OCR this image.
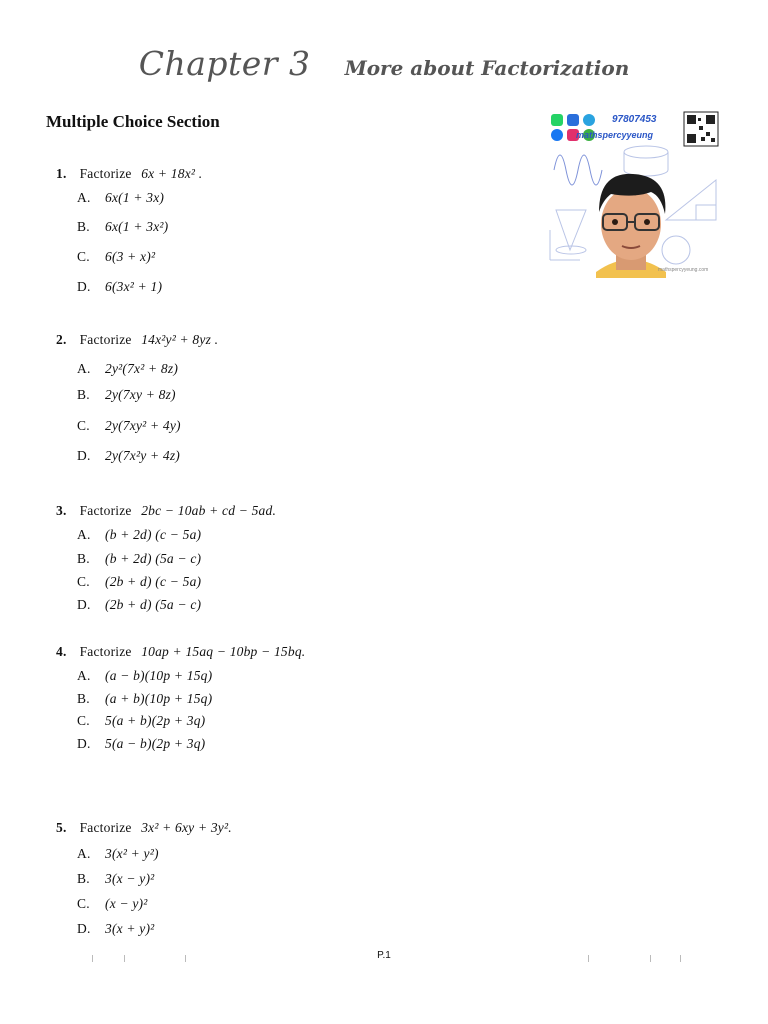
Chapter 3 More about Factorization
Multiple Choice Section	97807453
mathspercyyeung
mathspercyyeung.com
1. Factorize 6x + 18x² .
A. 6x(1 + 3x)
B. 6x(1 + 3x²)
C. 6(3 + x)²
D. 6(3x² + 1)
2. Factorize 14x²y² + 8yz .
A. 2y²(7x² + 8z)
B. 2y(7xy + 8z)
C. 2y(7xy² + 4y)
D. 2y(7x²y + 4z)
3. Factorize 2bc − 10ab + cd − 5ad.
A. (b + 2d) (c − 5a)
B. (b + 2d) (5a − c)
C. (2b + d) (c − 5a)
D. (2b + d) (5a − c)
4. Factorize 10ap + 15aq − 10bp − 15bq.
A. (a − b)(10p + 15q)
B. (a + b)(10p + 15q)
C. 5(a + b)(2p + 3q)
D. 5(a − b)(2p + 3q)
5. Factorize 3x² + 6xy + 3y².
A. 3(x² + y²)
B. 3(x − y)²
C. (x − y)²
D. 3(x + y)²
P.1
